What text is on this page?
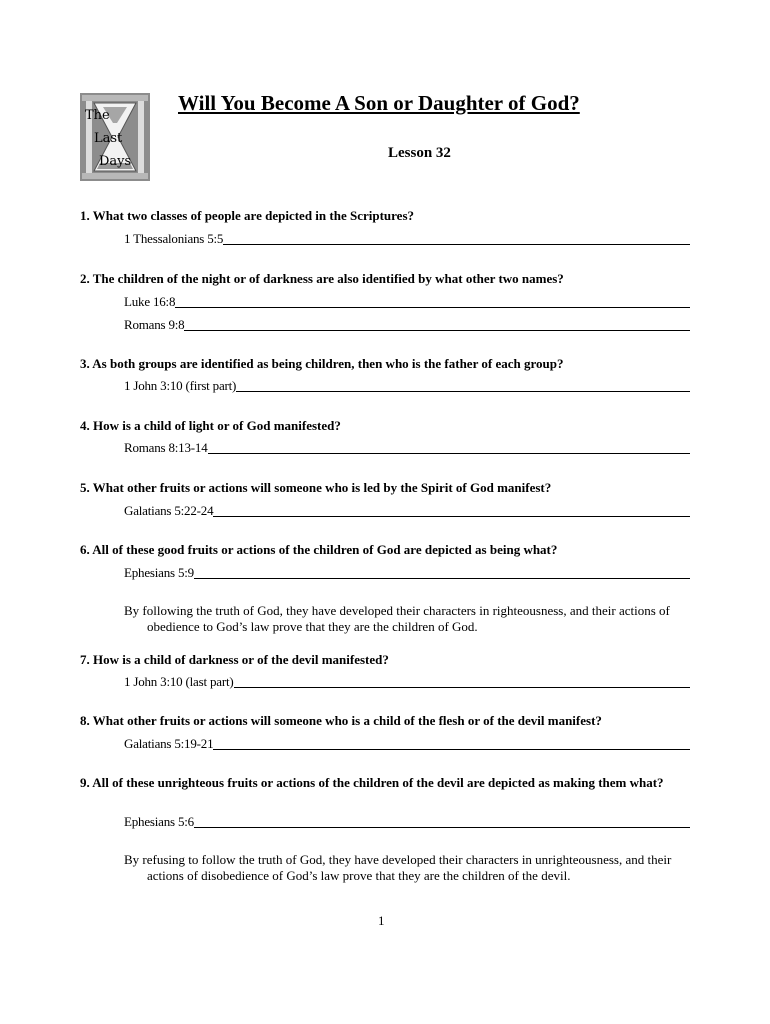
The
Last
Days
Will You Become A Son or Daughter of God?
Lesson 32
1. What two classes of people are depicted in the Scriptures?
1 Thessalonians 5:5
2. The children of the night or of darkness are also identified by what other two names?
Luke 16:8
Romans 9:8
3. As both groups are identified as being children, then who is the father of each group?
1 John 3:10 (first part)
4. How is a child of light or of God manifested?
Romans 8:13-14
5. What other fruits or actions will someone who is led by the Spirit of God manifest?
Galatians 5:22-24
6. All of these good fruits or actions of the children of God are depicted as being what?
Ephesians 5:9
By following the truth of God, they have developed their characters in righteousness, and their actions of obedience to God’s law prove that they are the children of God.
7. How is a child of darkness or of the devil manifested?
1 John 3:10 (last part)
8. What other fruits or actions will someone who is a child of the flesh or of the devil manifest?
Galatians 5:19-21
9. All of these unrighteous fruits or actions of the children of the devil are depicted as making them what?
Ephesians 5:6
By refusing to follow the truth of God, they have developed their characters in unrighteousness, and their actions of disobedience of God’s law prove that they are the children of the devil.
1
